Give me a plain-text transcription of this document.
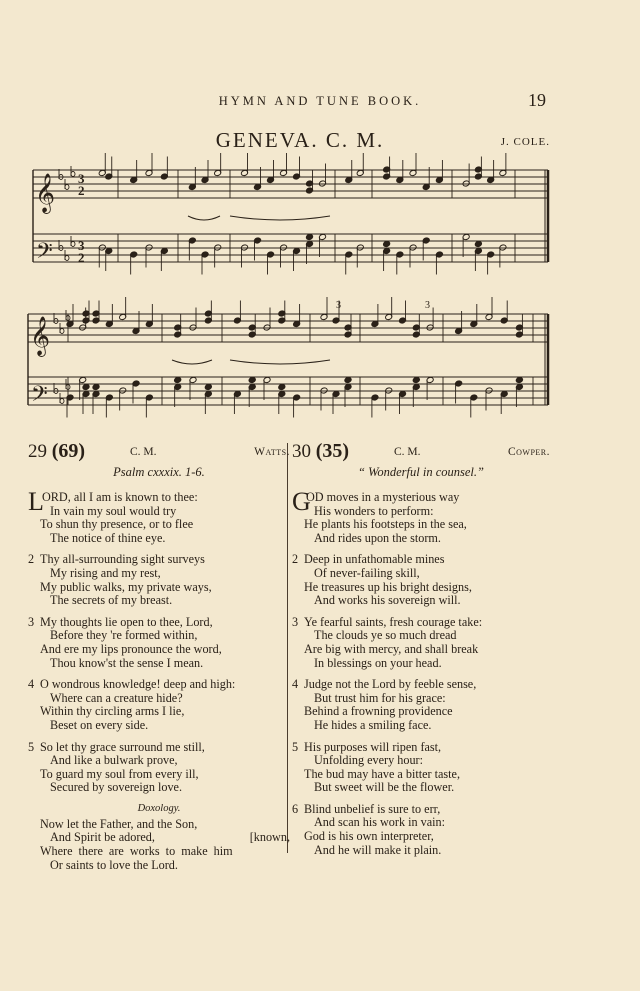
HYMN AND TUNE BOOK.	19
GENEVA. C. M.	J. COLE.
𝄞
𝄢
𝄞
𝄢
3
2
3
2
3	3
29 (69)	C. M.	Watts.
Psalm cxxxix. 1-6.
L
ORD, all I am is known to thee:
In vain my soul would try
To shun thy presence, or to flee
The notice of thine eye.
2 Thy all-surrounding sight surveys
My rising and my rest,
My public walks, my private ways,
The secrets of my breast.
3 My thoughts lie open to thee, Lord,
Before they 're formed within,
And ere my lips pronounce the word,
Thou know'st the sense I mean.
4 O wondrous knowledge! deep and high:
Where can a creature hide?
Within thy circling arms I lie,
Beset on every side.
5 So let thy grace surround me still,
And like a bulwark prove,
To guard my soul from every ill,
Secured by sovereign love.
Doxology.
Now let the Father, and the Son,
And Spirit be adored,	[known,
Where there are works to make him
Or saints to love the Lord.
30 (35)	C. M.	Cowper.
“ Wonderful in counsel.”
G
OD moves in a mysterious way
His wonders to perform:
He plants his footsteps in the sea,
And rides upon the storm.
2 Deep in unfathomable mines
Of never-failing skill,
He treasures up his bright designs,
And works his sovereign will.
3 Ye fearful saints, fresh courage take:
The clouds ye so much dread
Are big with mercy, and shall break
In blessings on your head.
4 Judge not the Lord by feeble sense,
But trust him for his grace:
Behind a frowning providence
He hides a smiling face.
5 His purposes will ripen fast,
Unfolding every hour:
The bud may have a bitter taste,
But sweet will be the flower.
6 Blind unbelief is sure to err,
And scan his work in vain:
God is his own interpreter,
And he will make it plain.
